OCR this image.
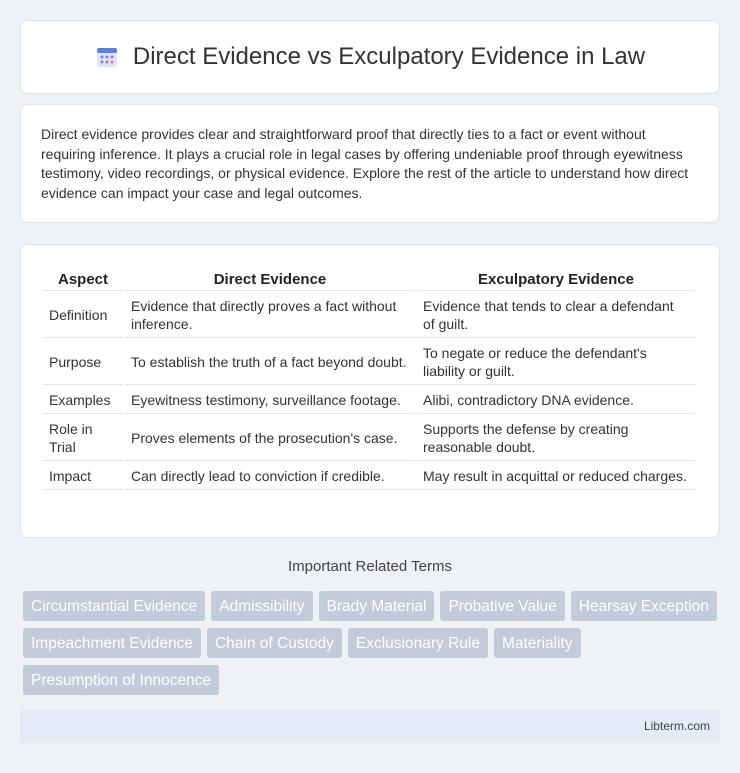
Direct Evidence vs Exculpatory Evidence in Law

Direct evidence provides clear and straightforward proof that directly ties to a fact or event without requiring inference. It plays a crucial role in legal cases by offering undeniable proof through eyewitness testimony, video recordings, or physical evidence. Explore the rest of the article to understand how direct evidence can impact your case and legal outcomes.

Aspect	Direct Evidence	Exculpatory Evidence
Definition	Evidence that directly proves a fact without inference.	Evidence that tends to clear a defendant of guilt.
Purpose	To establish the truth of a fact beyond doubt.	To negate or reduce the defendant's liability or guilt.
Examples	Eyewitness testimony, surveillance footage.	Alibi, contradictory DNA evidence.
Role in Trial	Proves elements of the prosecution's case.	Supports the defense by creating reasonable doubt.
Impact	Can directly lead to conviction if credible.	May result in acquittal or reduced charges.
Important Related Terms
Circumstantial Evidence	Admissibility	Brady Material	Probative Value	Hearsay Exception
Impeachment Evidence	Chain of Custody	Exclusionary Rule	Materiality
Presumption of Innocence
Libterm.com
